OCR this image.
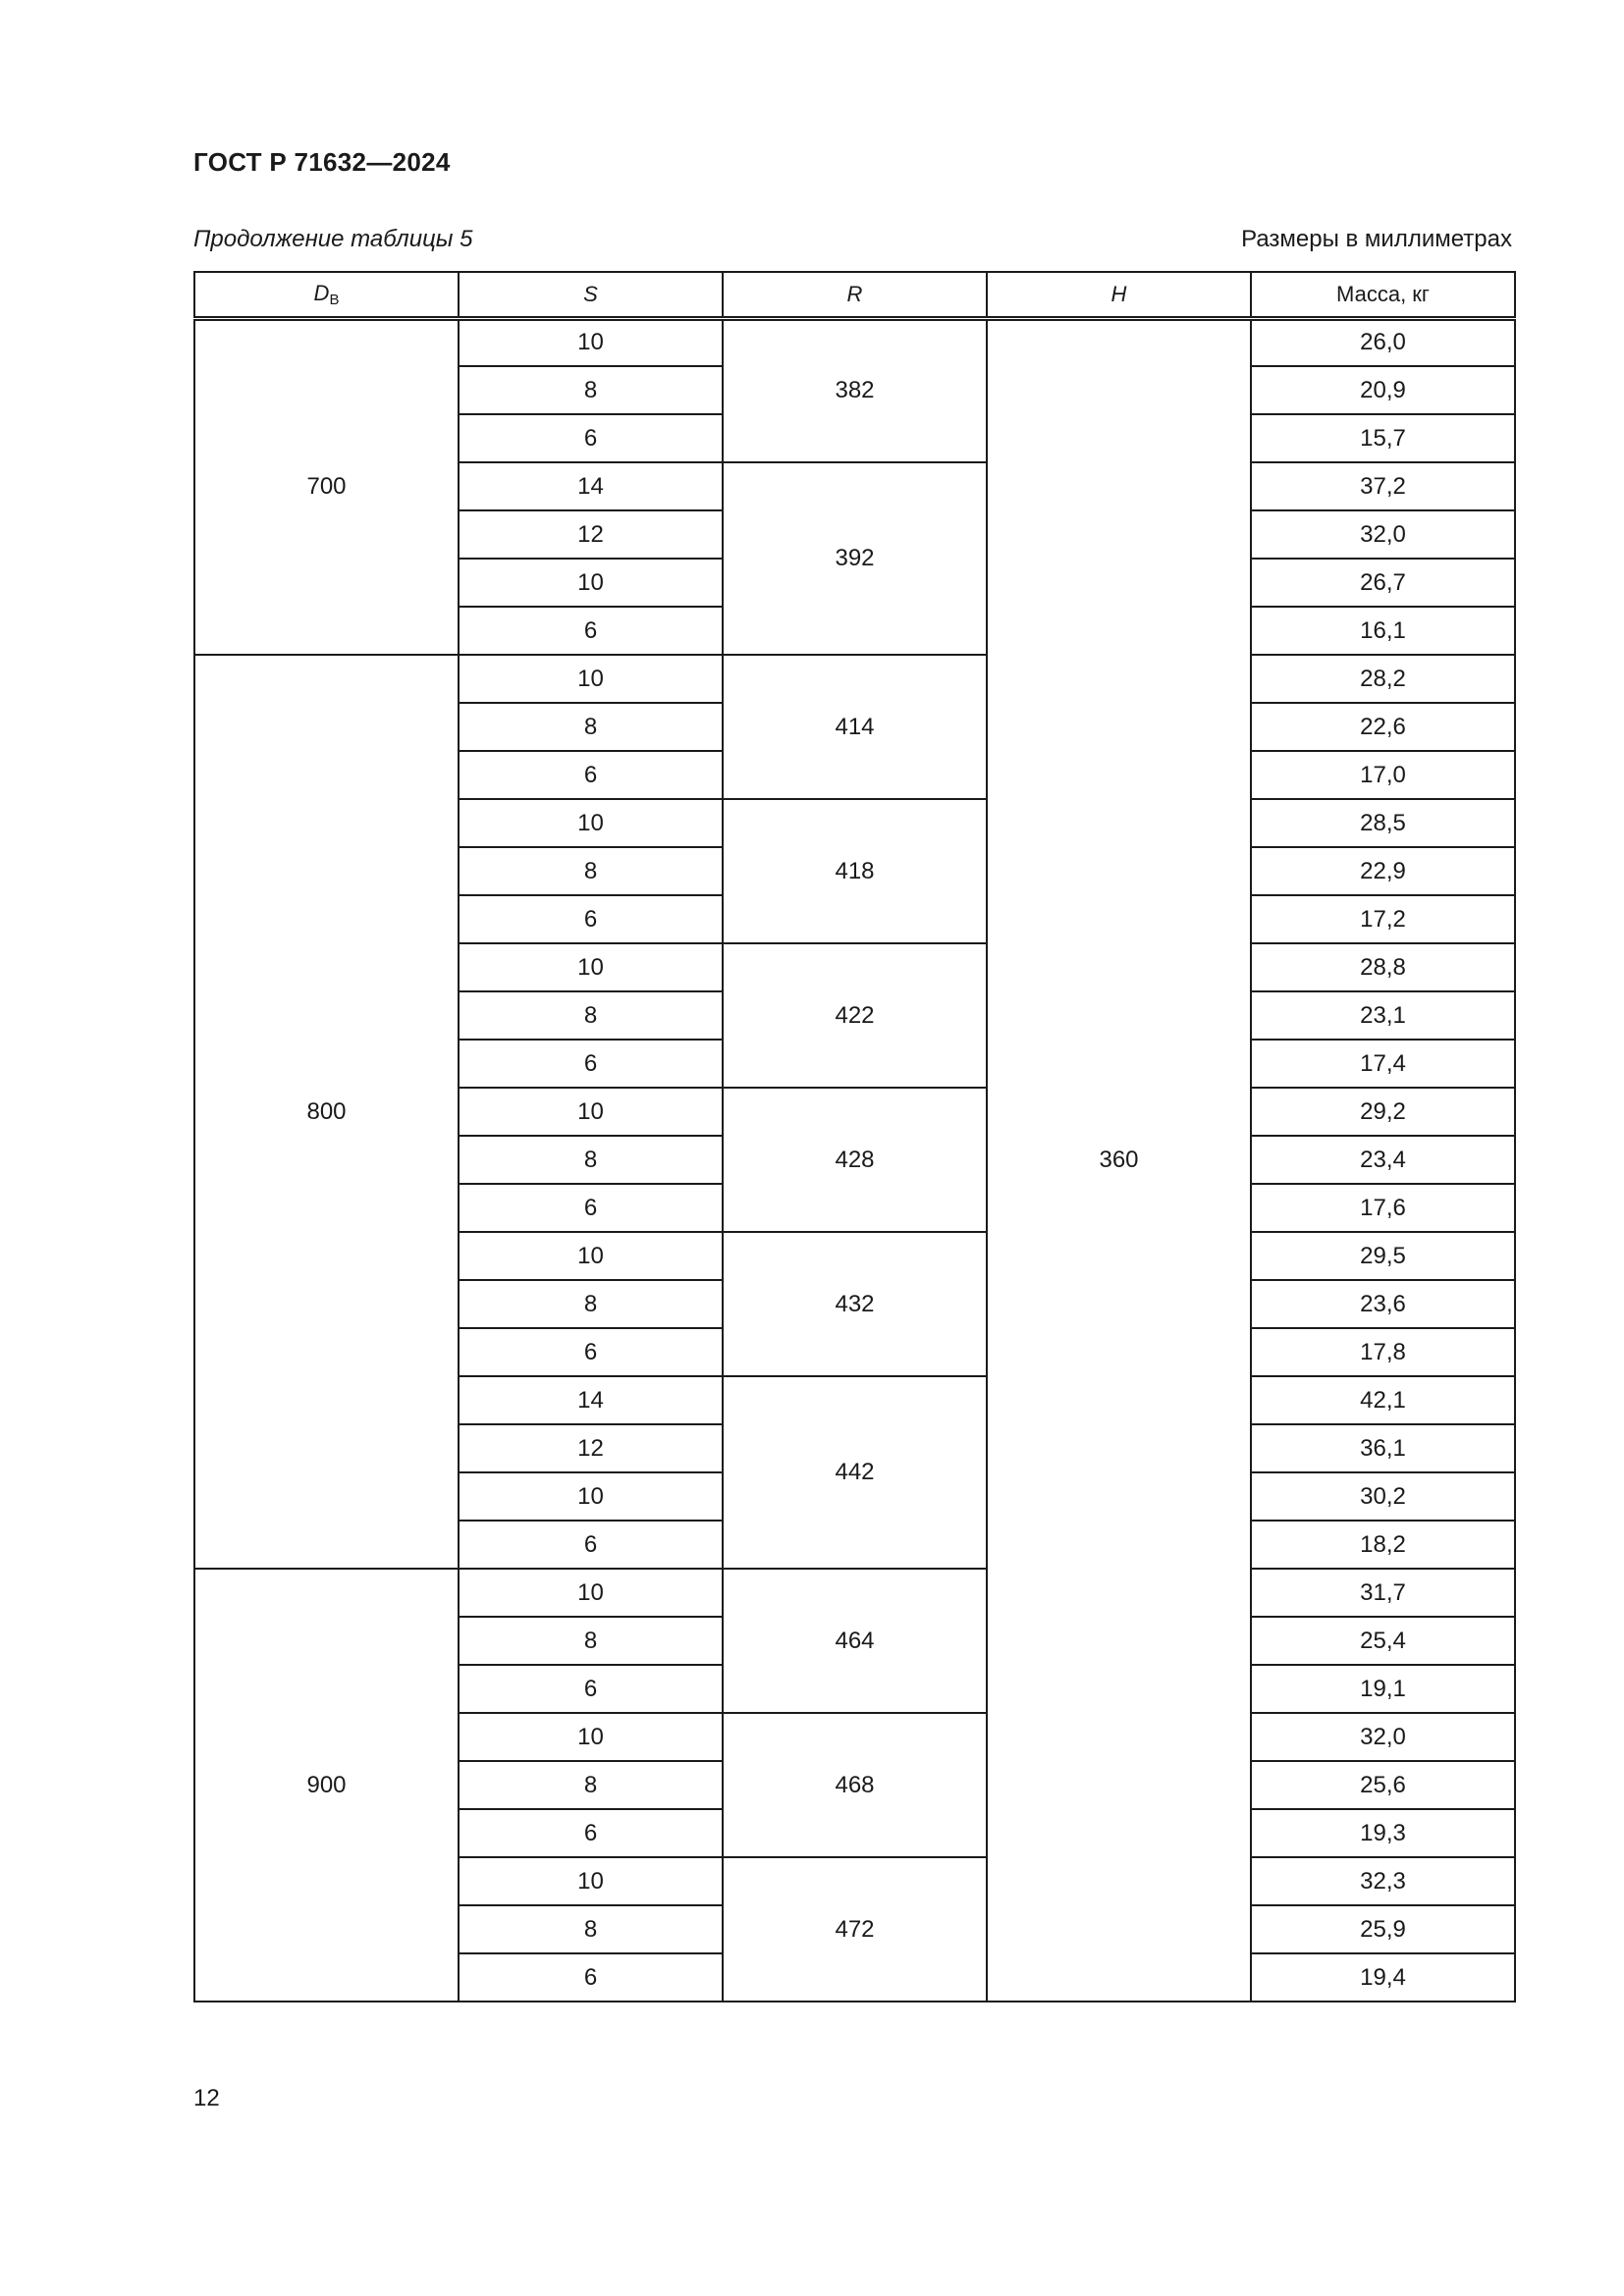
ГОСТ Р 71632—2024
Продолжение таблицы 5	Размеры в миллиметрах
$D_В$	S	R	H	Масса, кг
700	10	382	360	26,0
	8			20,9
	6			15,7
	14	392		37,2
	12			32,0
	10			26,7
	6			16,1
800	10	414		28,2
	8			22,6
	6			17,0
	10	418		28,5
	8			22,9
	6			17,2
	10	422		28,8
	8			23,1
	6			17,4
	10	428		29,2
	8			23,4
	6			17,6
	10	432		29,5
	8			23,6
	6			17,8
	14	442		42,1
	12			36,1
	10			30,2
	6			18,2
900	10	464		31,7
	8			25,4
	6			19,1
	10	468		32,0
	8			25,6
	6			19,3
	10	472		32,3
	8			25,9
	6			19,4
12
